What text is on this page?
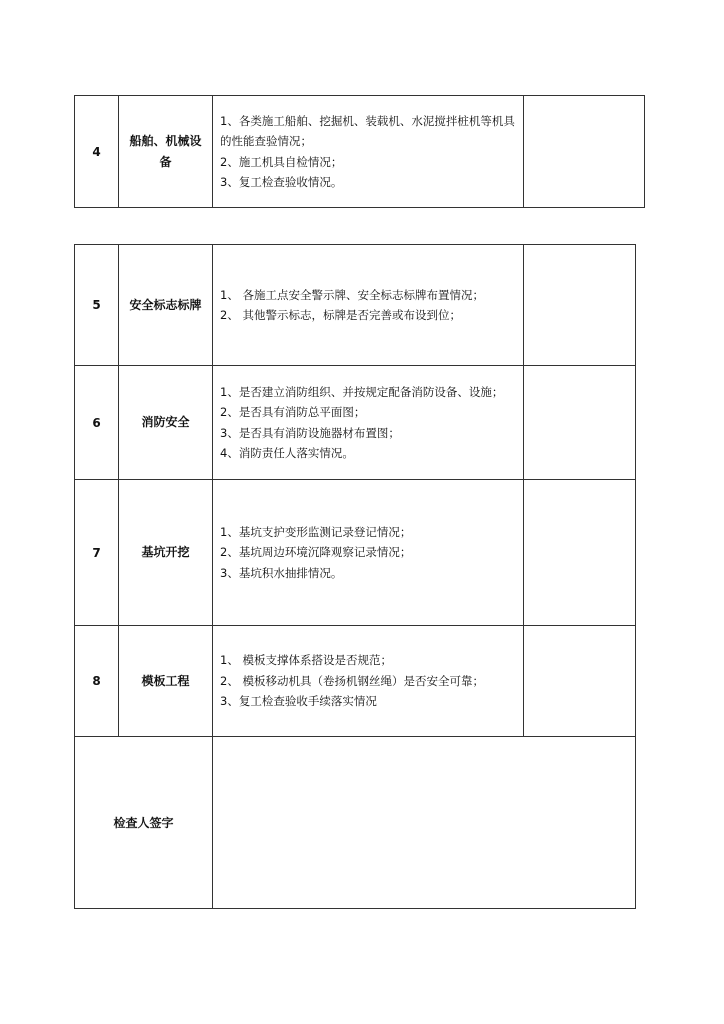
4	船舶、机械设备	
1、各类施工船舶、挖掘机、装载机、水泥搅拌桩机等机具的性能查验情况；
2、施工机具自检情况；
3、复工检查验收情况。

5	安全标志标牌	1、 各施工点安全警示牌、安全标志标牌布置情况；
2、 其他警示标志，标牌是否完善或布设到位；	

6	消防安全	1、是否建立消防组织、并按规定配备消防设备、设施；
2、是否具有消防总平面图；
3、是否具有消防设施器材布置图；
4、消防责任人落实情况。	

7	基坑开挖	1、基坑支护变形监测记录登记情况；
2、基坑周边环境沉降观察记录情况；
3、基坑积水抽排情况。	

8	模板工程	1、 模板支撑体系搭设是否规范；
2、 模板移动机具（卷扬机钢丝绳）是否安全可靠；
3、复工检查验收手续落实情况	

检查人签字			
